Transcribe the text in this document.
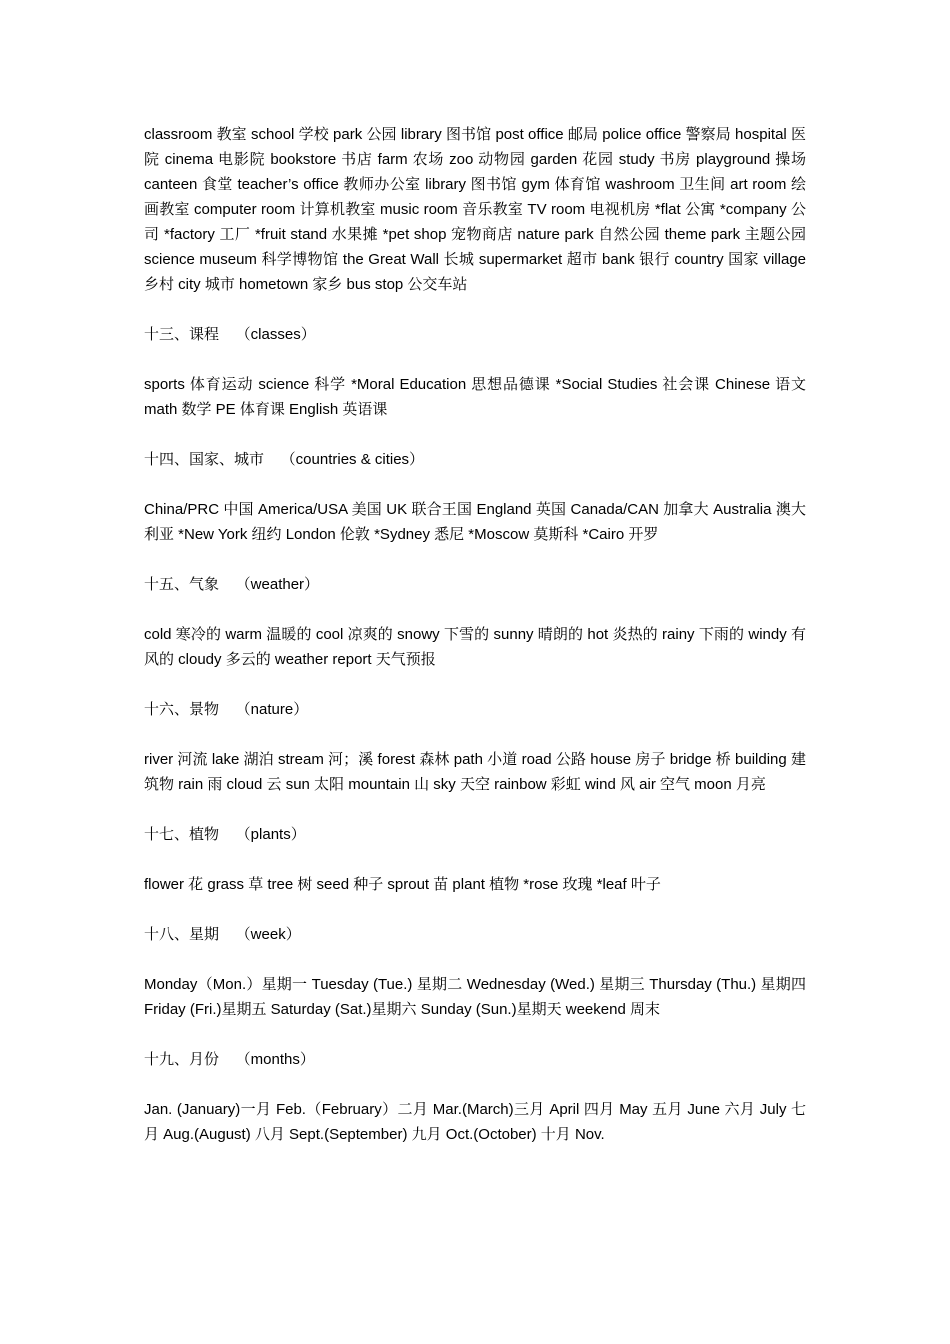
classroom 教室 school 学校 park 公园 library 图书馆 post office 邮局 police office 警察局 hospital 医院 cinema 电影院 bookstore 书店 farm 农场 zoo 动物园 garden 花园 study 书房 playground 操场 canteen 食堂 teacher’s office 教师办公室 library 图书馆 gym 体育馆 washroom 卫生间 art room 绘画教室 computer room 计算机教室 music room 音乐教室 TV room 电视机房 *flat 公寓 *company 公司 *factory 工厂 *fruit stand 水果摊 *pet shop 宠物商店 nature park 自然公园 theme park 主题公园 science museum 科学博物馆 the Great Wall 长城 supermarket 超市 bank 银行 country 国家 village 乡村 city 城市 hometown 家乡 bus stop 公交车站

十三、课程    （classes）

sports 体育运动 science 科学 *Moral Education 思想品德课 *Social Studies 社会课 Chinese 语文 math 数学 PE 体育课 English 英语课

十四、国家、城市    （countries & cities）

China/PRC 中国 America/USA 美国 UK 联合王国 England 英国 Canada/CAN 加拿大 Australia 澳大利亚 *New York 纽约 London 伦敦 *Sydney 悉尼 *Moscow 莫斯科 *Cairo 开罗

十五、气象    （weather）

cold 寒冷的 warm 温暖的 cool 凉爽的 snowy 下雪的 sunny 晴朗的 hot 炎热的 rainy 下雨的 windy 有风的 cloudy 多云的 weather report 天气预报

十六、景物    （nature）

river 河流 lake 湖泊 stream 河；溪 forest 森林 path 小道 road 公路 house 房子 bridge 桥 building 建筑物 rain 雨 cloud 云 sun 太阳 mountain 山 sky 天空 rainbow 彩虹 wind 风 air 空气 moon 月亮

十七、植物    （plants）

flower 花 grass 草 tree 树 seed 种子 sprout 苗 plant 植物 *rose 玫瑰 *leaf 叶子

十八、星期    （week）

Monday（Mon.）星期一 Tuesday (Tue.) 星期二 Wednesday (Wed.) 星期三 Thursday (Thu.) 星期四 Friday (Fri.)星期五 Saturday (Sat.)星期六 Sunday (Sun.)星期天 weekend 周末

十九、月份    （months）

Jan. (January)一月 Feb.（February）二月 Mar.(March)三月 April 四月 May 五月 June 六月 July 七月 Aug.(August) 八月 Sept.(September) 九月 Oct.(October) 十月 Nov.
